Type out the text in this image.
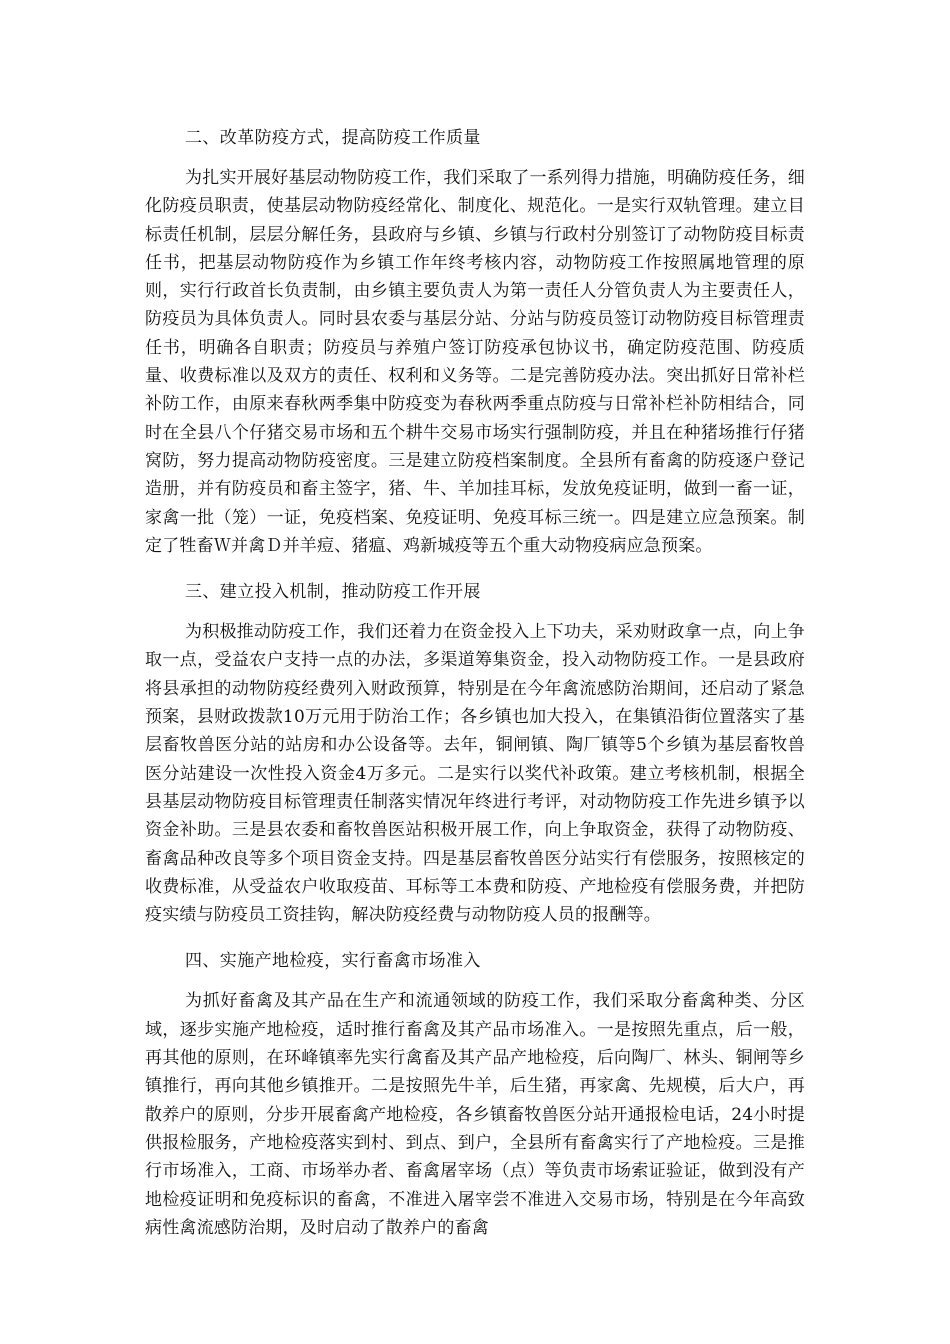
二、改革防疫方式，提高防疫工作质量

为扎实开展好基层动物防疫工作，我们采取了一系列得力措施，明确防疫任务，细化防疫员职责，使基层动物防疫经常化、制度化、规范化。一是实行双轨管理。建立目标责任机制，层层分解任务，县政府与乡镇、乡镇与行政村分别签订了动物防疫目标责任书，把基层动物防疫作为乡镇工作年终考核内容，动物防疫工作按照属地管理的原则，实行行政首长负责制，由乡镇主要负责人为第一责任人分管负责人为主要责任人，防疫员为具体负责人。同时县农委与基层分站、分站与防疫员签订动物防疫目标管理责任书，明确各自职责；防疫员与养殖户签订防疫承包协议书，确定防疫范围、防疫质量、收费标准以及双方的责任、权利和义务等。二是完善防疫办法。突出抓好日常补栏补防工作，由原来春秋两季集中防疫变为春秋两季重点防疫与日常补栏补防相结合，同时在全县八个仔猪交易市场和五个耕牛交易市场实行强制防疫，并且在种猪场推行仔猪窝防，努力提高动物防疫密度。三是建立防疫档案制度。全县所有畜禽的防疫逐户登记造册，并有防疫员和畜主签字，猪、牛、羊加挂耳标，发放免疫证明，做到一畜一证，家禽一批（笼）一证，免疫档案、免疫证明、免疫耳标三统一。四是建立应急预案。制定了牲畜Ｗ并禽Ｄ并羊痘、猪瘟、鸡新城疫等五个重大动物疫病应急预案。

三、建立投入机制，推动防疫工作开展

为积极推动防疫工作，我们还着力在资金投入上下功夫，采劝财政拿一点，向上争取一点，受益农户支持一点的办法，多渠道筹集资金，投入动物防疫工作。一是县政府将县承担的动物防疫经费列入财政预算，特别是在今年禽流感防治期间，还启动了紧急预案，县财政拨款10万元用于防治工作；各乡镇也加大投入，在集镇沿街位置落实了基层畜牧兽医分站的站房和办公设备等。去年，铜闸镇、陶厂镇等5个乡镇为基层畜牧兽医分站建设一次性投入资金4万多元。二是实行以奖代补政策。建立考核机制，根据全县基层动物防疫目标管理责任制落实情况年终进行考评，对动物防疫工作先进乡镇予以资金补助。三是县农委和畜牧兽医站积极开展工作，向上争取资金，获得了动物防疫、畜禽品种改良等多个项目资金支持。四是基层畜牧兽医分站实行有偿服务，按照核定的收费标准，从受益农户收取疫苗、耳标等工本费和防疫、产地检疫有偿服务费，并把防疫实绩与防疫员工资挂钩，解决防疫经费与动物防疫人员的报酬等。

四、实施产地检疫，实行畜禽市场准入

为抓好畜禽及其产品在生产和流通领域的防疫工作，我们采取分畜禽种类、分区域，逐步实施产地检疫，适时推行畜禽及其产品市场准入。一是按照先重点，后一般，再其他的原则，在环峰镇率先实行禽畜及其产品产地检疫，后向陶厂、林头、铜闸等乡镇推行，再向其他乡镇推开。二是按照先牛羊，后生猪，再家禽、先规模，后大户，再散养户的原则，分步开展畜禽产地检疫，各乡镇畜牧兽医分站开通报检电话，24小时提供报检服务，产地检疫落实到村、到点、到户，全县所有畜禽实行了产地检疫。三是推行市场准入，工商、市场举办者、畜禽屠宰场（点）等负责市场索证验证，做到没有产地检疫证明和免疫标识的畜禽，不准进入屠宰尝不准进入交易市场，特别是在今年高致病性禽流感防治期，及时启动了散养户的畜禽
